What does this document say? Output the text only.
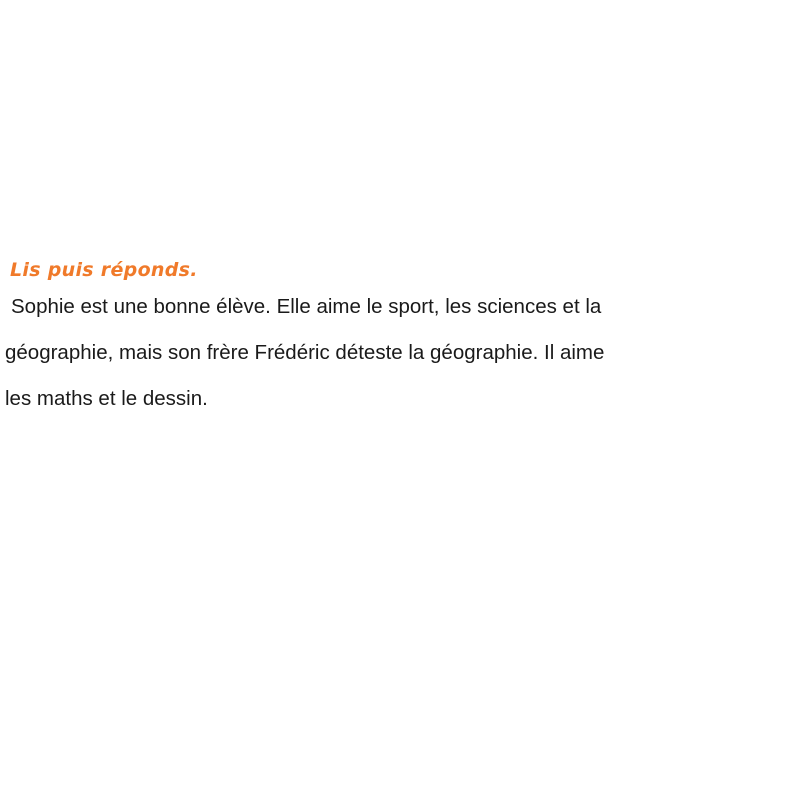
Lis puis réponds.

Sophie est une bonne élève. Elle aime le sport, les sciences et la
géographie, mais son frère Frédéric déteste la géographie. Il aime
les maths et le dessin.
